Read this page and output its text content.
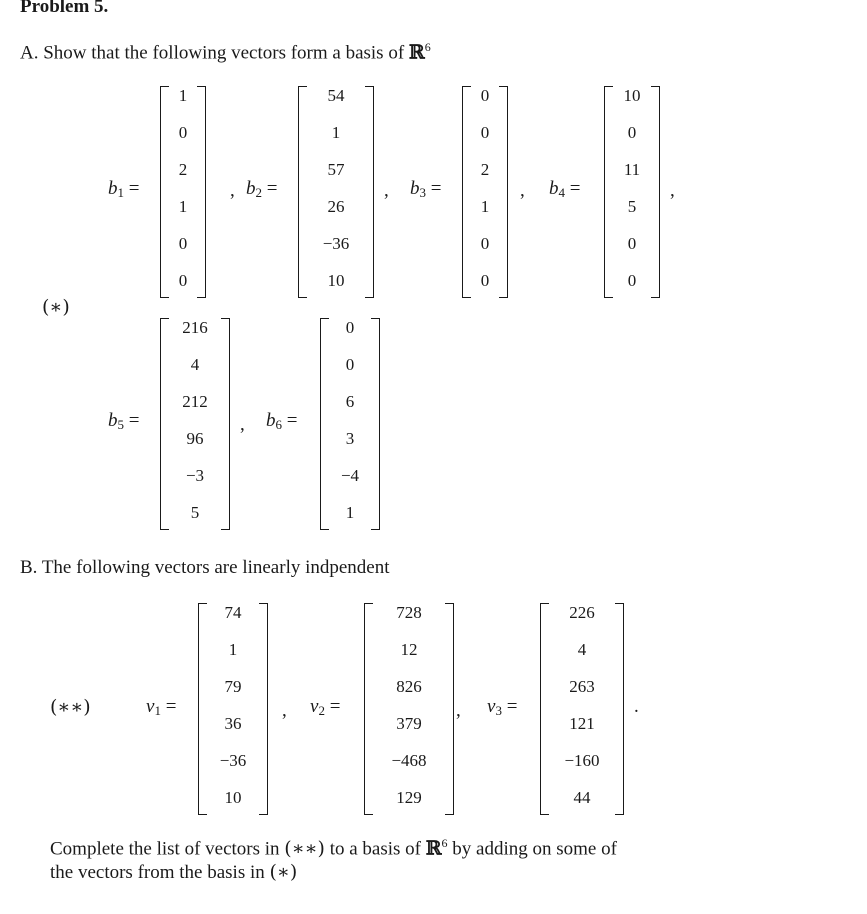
Problem 5.
A. Show that the following vectors form a basis of ℝ$^6$
(∗)
$b_1$ =
1
0
2
1
0
0
, $b_2$ =
54
1
57
26
−36
10
, $b_3$ =
0
0
2
1
0
0
, $b_4$ =
10
0
11
5
0
0
,
$b_5$ =
216
4
212
96
−3
5
, $b_6$ =
0
0
6
3
−4
1
B. The following vectors are linearly indpendent
(∗∗)	$v_1$ =
74
1
79
36
−36
10
, $v_2$ =
728
12
826
379
−468
129
, $v_3$ =
226
4
263
121
−160
44
.
Complete the list of vectors in (∗∗) to a basis of ℝ$^6$ by adding on some of
the vectors from the basis in (∗)
